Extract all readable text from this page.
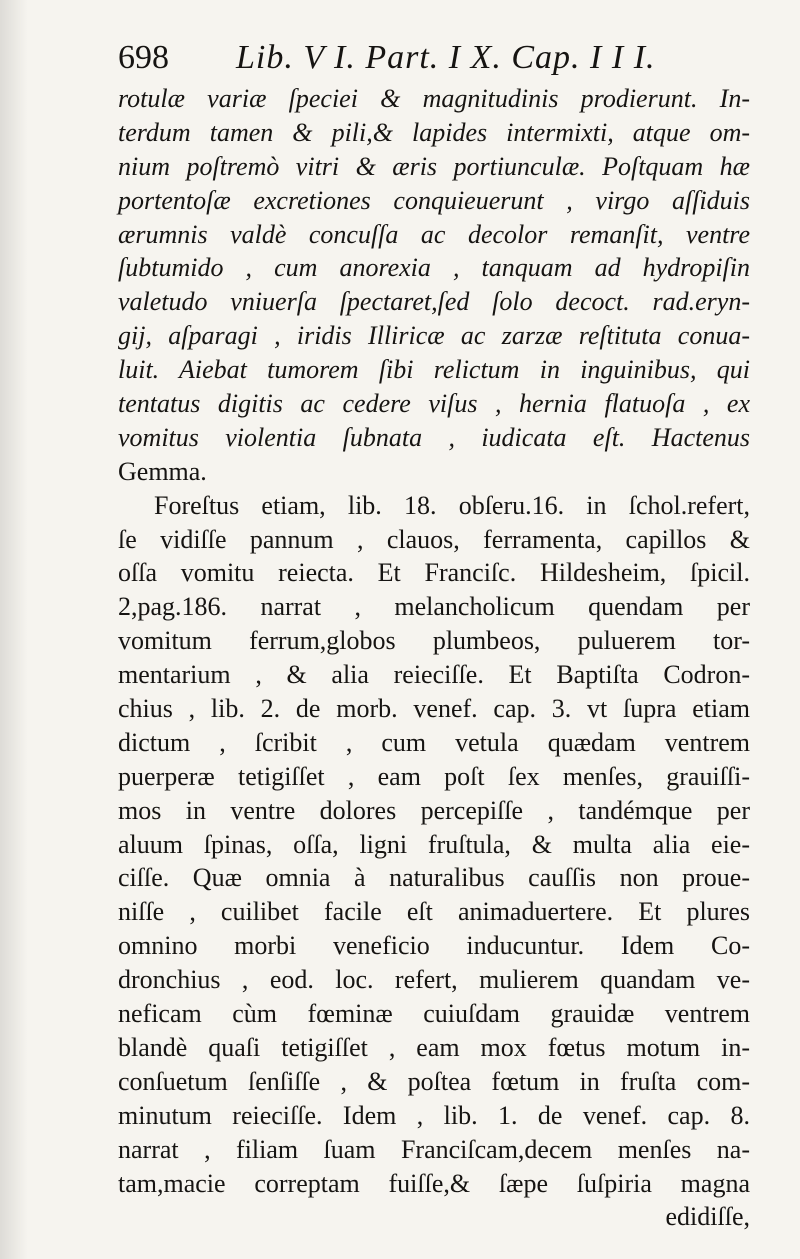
698 Lib. V I. Part. I X. Cap. I I I.
rotulæ variæ ſpeciei & magnitudinis prodierunt. In-
terdum tamen & pili,& lapides intermixti, atque om-
nium poſtremò vitri & æris portiunculæ. Poſtquam hæ
portentoſæ excretiones conquieuerunt , virgo aſſiduis
ærumnis valdè concuſſa ac decolor remanſit, ventre
ſubtumido , cum anorexia , tanquam ad hydropiſin
valetudo vniuerſa ſpectaret,ſed ſolo decoct. rad.eryn-
gij, aſparagi , iridis Illiricæ ac zarzæ reſtituta conua-
luit. Aiebat tumorem ſibi relictum in inguinibus, qui
tentatus digitis ac cedere viſus , hernia flatuoſa , ex
vomitus violentia ſubnata , iudicata eſt. Hactenus
Gemma.
Foreſtus etiam, lib. 18. obſeru.16. in ſchol.refert,
ſe vidiſſe pannum , clauos, ferramenta, capillos &
oſſa vomitu reiecta. Et Franciſc. Hildesheim, ſpicil.
2,pag.186. narrat , melancholicum quendam per
vomitum ferrum,globos plumbeos, puluerem tor-
mentarium , & alia reieciſſe. Et Baptiſta Codron-
chius , lib. 2. de morb. venef. cap. 3. vt ſupra etiam
dictum , ſcribit , cum vetula quædam ventrem
puerperæ tetigiſſet , eam poſt ſex menſes, grauiſſi-
mos in ventre dolores percepiſſe , tandémque per
aluum ſpinas, oſſa, ligni fruſtula, & multa alia eie-
ciſſe. Quæ omnia à naturalibus cauſſis non proue-
niſſe , cuilibet facile eſt animaduertere. Et plures
omnino morbi veneficio inducuntur. Idem Co-
dronchius , eod. loc. refert, mulierem quandam ve-
neficam cùm fœminæ cuiuſdam grauidæ ventrem
blandè quaſi tetigiſſet , eam mox fœtus motum in-
conſuetum ſenſiſſe , & poſtea fœtum in fruſta com-
minutum reieciſſe. Idem , lib. 1. de venef. cap. 8.
narrat , filiam ſuam Franciſcam,decem menſes na-
tam,macie correptam fuiſſe,& ſæpe ſuſpiria magna
edidiſſe,
